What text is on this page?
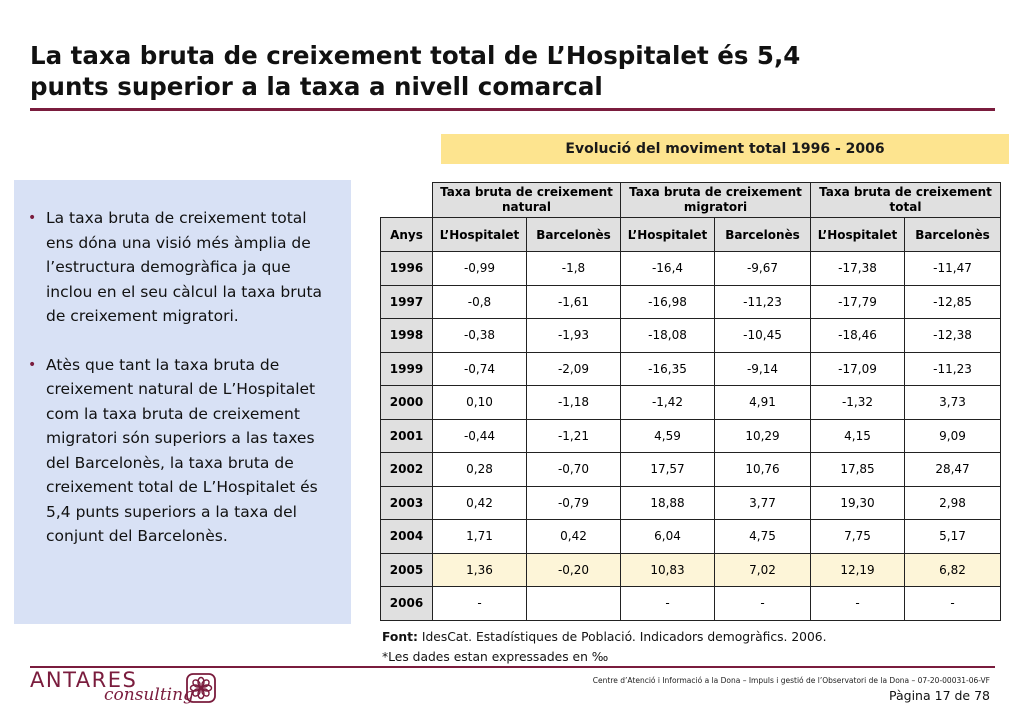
La taxa bruta de creixement total de L’Hospitalet és 5,4
punts superior a la taxa a nivell comarcal
Evolució del moviment total 1996 - 2006
• La taxa bruta de creixement total ens dóna una visió més àmplia de l’estructura demogràfica ja que inclou en el seu càlcul la taxa bruta de creixement migratori.
• Atès que tant la taxa bruta de creixement natural de L’Hospitalet com la taxa bruta de creixement migratori són superiors a las taxes del Barcelonès, la taxa bruta de creixement total de L’Hospitalet és 5,4 punts superiors a la taxa del conjunt del Barcelonès.
	Taxa bruta de creixement natural		Taxa bruta de creixement migratori		Taxa bruta de creixement total	
Anys	L’Hospitalet	Barcelonès	L’Hospitalet	Barcelonès	L’Hospitalet	Barcelonès
1996	-0,99	-1,8	-16,4	-9,67	-17,38	-11,47
1997	-0,8	-1,61	-16,98	-11,23	-17,79	-12,85
1998	-0,38	-1,93	-18,08	-10,45	-18,46	-12,38
1999	-0,74	-2,09	-16,35	-9,14	-17,09	-11,23
2000	0,10	-1,18	-1,42	4,91	-1,32	3,73
2001	-0,44	-1,21	4,59	10,29	4,15	9,09
2002	0,28	-0,70	17,57	10,76	17,85	28,47
2003	0,42	-0,79	18,88	3,77	19,30	2,98
2004	1,71	0,42	6,04	4,75	7,75	5,17
2005	1,36	-0,20	10,83	7,02	12,19	6,82
2006	-		-	-	-	-
Font: IdesCat. Estadístiques de Població. Indicadors demogràfics. 2006.
*Les dades estan expressades en ‰
ANTARES
consulting
Centre d’Atenció i Informació a la Dona – Impuls i gestió de l’Observatori de la Dona – 07-20-00031-06-VF
Pàgina 17 de 78
